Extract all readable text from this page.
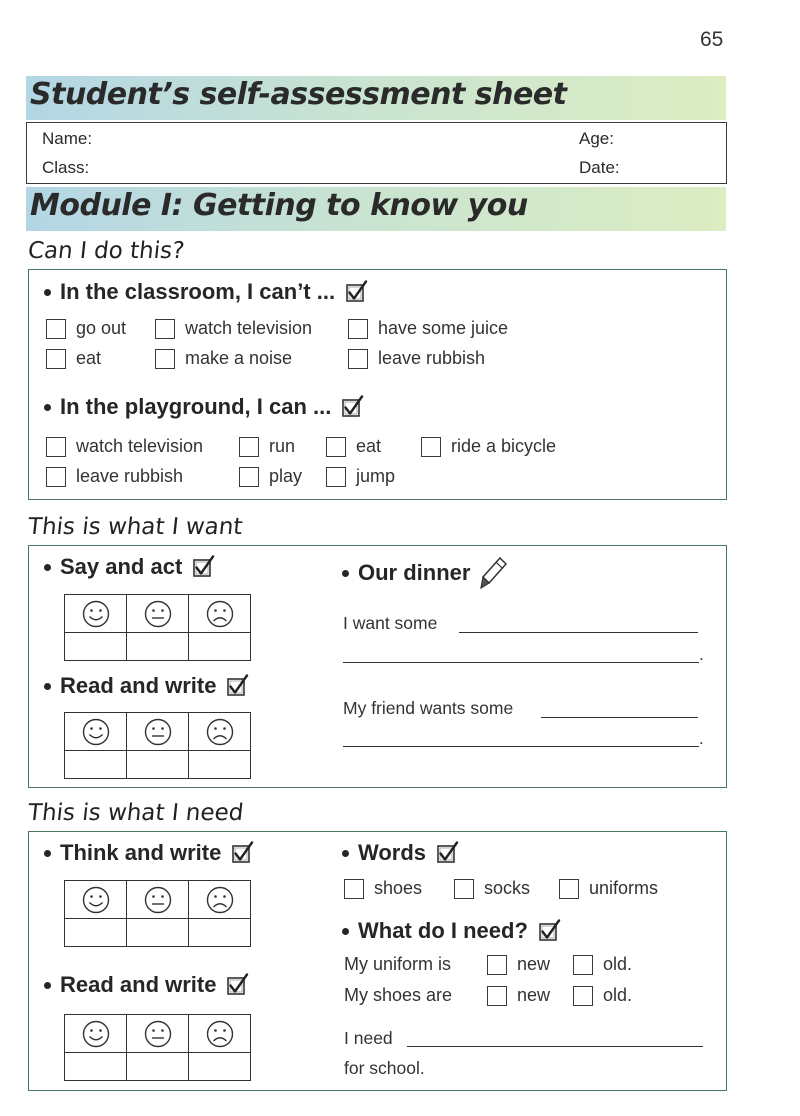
65
Student’s self-assessment sheet
Name:
Class:
Age:
Date:
Module I: Getting to know you
Can I do this?
In the classroom, I can’t ...
go out	watch television	have some juice
eat	make a noise	leave rubbish
In the playground, I can ...
watch television	run	eat	ride a bicycle
leave rubbish	play	jump
This is what I want
Say and act

Read and write

Our dinner
I want some
.
My friend wants some
.
This is what I need
Think and write

Read and write

Words
shoes	socks	uniforms
What do I need?
My uniform is	new	old.
My shoes are	new	old.
I need
for school.
